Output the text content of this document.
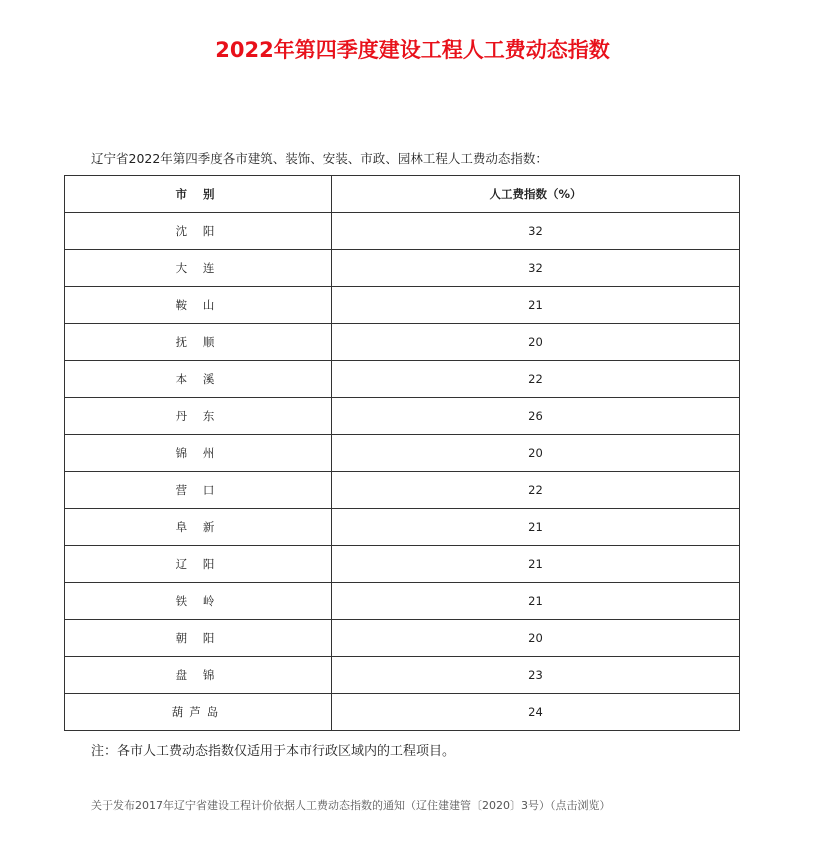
2022年第四季度建设工程人工费动态指数
辽宁省2022年第四季度各市建筑、装饰、安装、市政、园林工程人工费动态指数：
市 别	人工费指数（%）
沈 阳	32
大 连	32
鞍 山	21
抚 顺	20
本 溪	22
丹 东	26
锦 州	20
营 口	22
阜 新	21
辽 阳	21
铁 岭	21
朝 阳	20
盘 锦	23
葫芦岛	24
注：各市人工费动态指数仅适用于本市行政区域内的工程项目。
关于发布2017年辽宁省建设工程计价依据人工费动态指数的通知（辽住建建管〔2020〕3号）（点击浏览）
